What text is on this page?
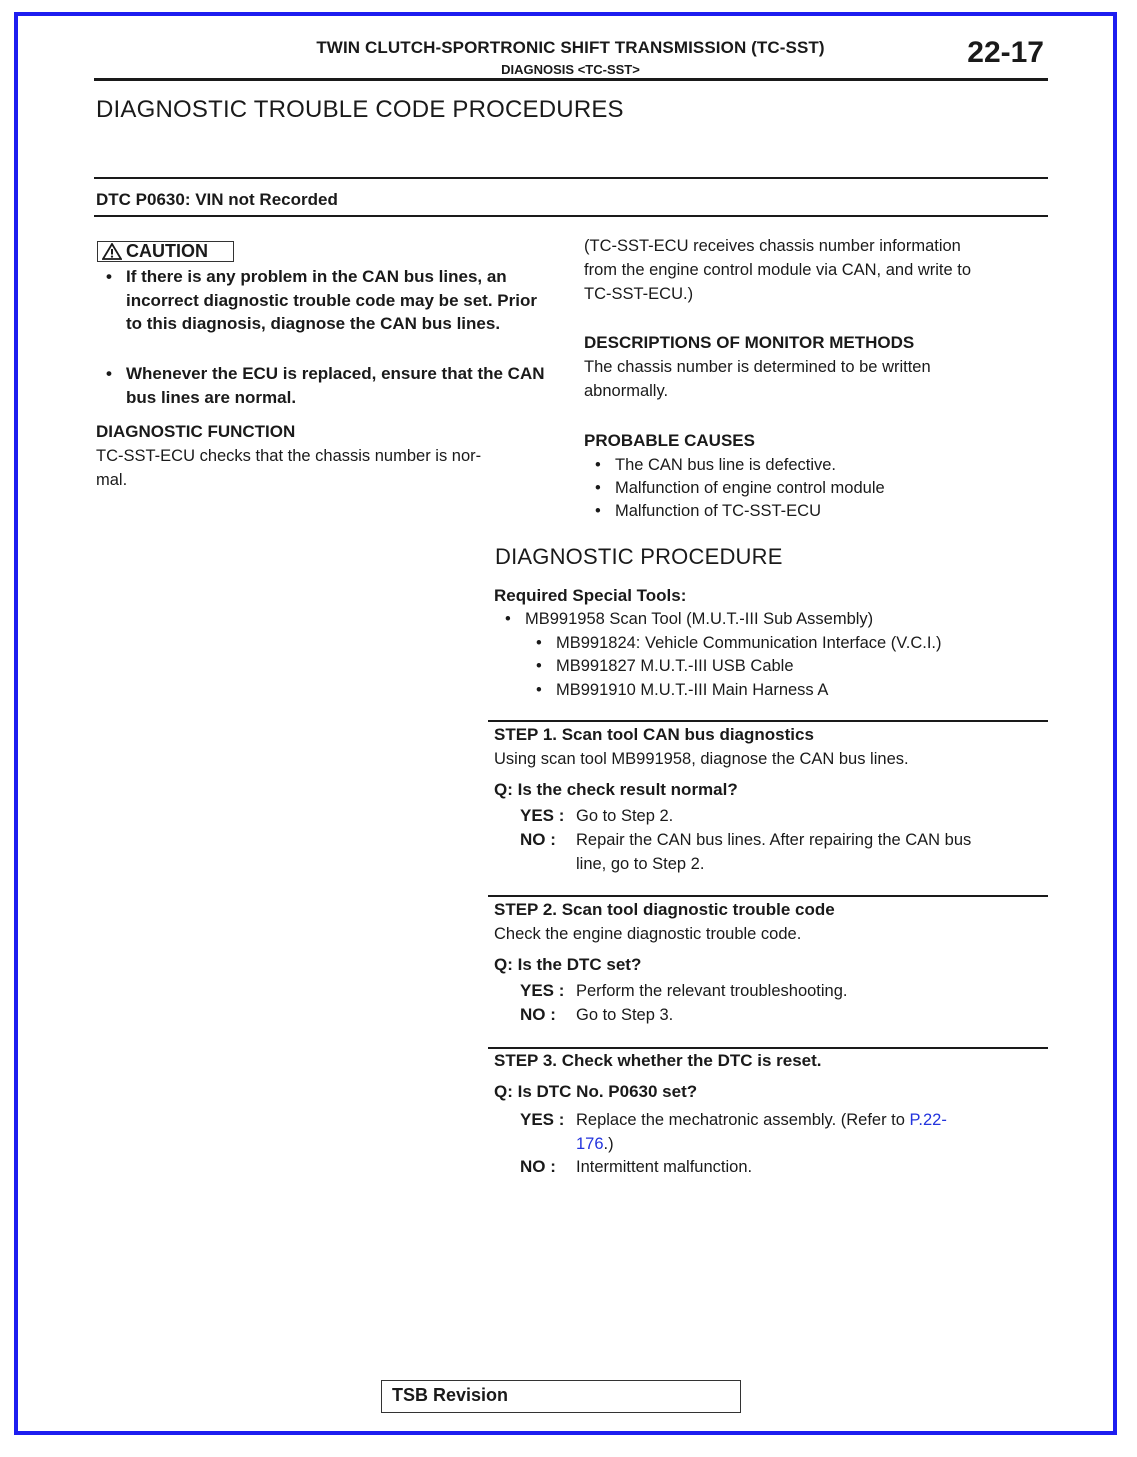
TWIN CLUTCH-SPORTRONIC SHIFT TRANSMISSION (TC-SST)
DIAGNOSIS <TC-SST>
22-17
DIAGNOSTIC TROUBLE CODE PROCEDURES
DTC P0630: VIN not Recorded
CAUTION
• If there is any problem in the CAN bus lines, an incorrect diagnostic trouble code may be set. Prior to this diagnosis, diagnose the CAN bus lines.
• Whenever the ECU is replaced, ensure that the CAN bus lines are normal.
DIAGNOSTIC FUNCTION
TC-SST-ECU checks that the chassis number is nor-
mal.
(TC-SST-ECU receives chassis number information
from the engine control module via CAN, and write to
TC-SST-ECU.)
DESCRIPTIONS OF MONITOR METHODS
The chassis number is determined to be written
abnormally.
PROBABLE CAUSES
• The CAN bus line is defective.
• Malfunction of engine control module
• Malfunction of TC-SST-ECU
DIAGNOSTIC PROCEDURE
Required Special Tools:
• MB991958 Scan Tool (M.U.T.-III Sub Assembly)
• MB991824: Vehicle Communication Interface (V.C.I.)
• MB991827 M.U.T.-III USB Cable
• MB991910 M.U.T.-III Main Harness A
STEP 1. Scan tool CAN bus diagnostics
Using scan tool MB991958, diagnose the CAN bus lines.
Q: Is the check result normal?
YES : Go to Step 2.
NO : Repair the CAN bus lines. After repairing the CAN bus
line, go to Step 2.
STEP 2. Scan tool diagnostic trouble code
Check the engine diagnostic trouble code.
Q: Is the DTC set?
YES : Perform the relevant troubleshooting.
NO : Go to Step 3.
STEP 3. Check whether the DTC is reset.
Q: Is DTC No. P0630 set?
YES : Replace the mechatronic assembly. (Refer to P.22-
176.)
NO : Intermittent malfunction.
TSB Revision
